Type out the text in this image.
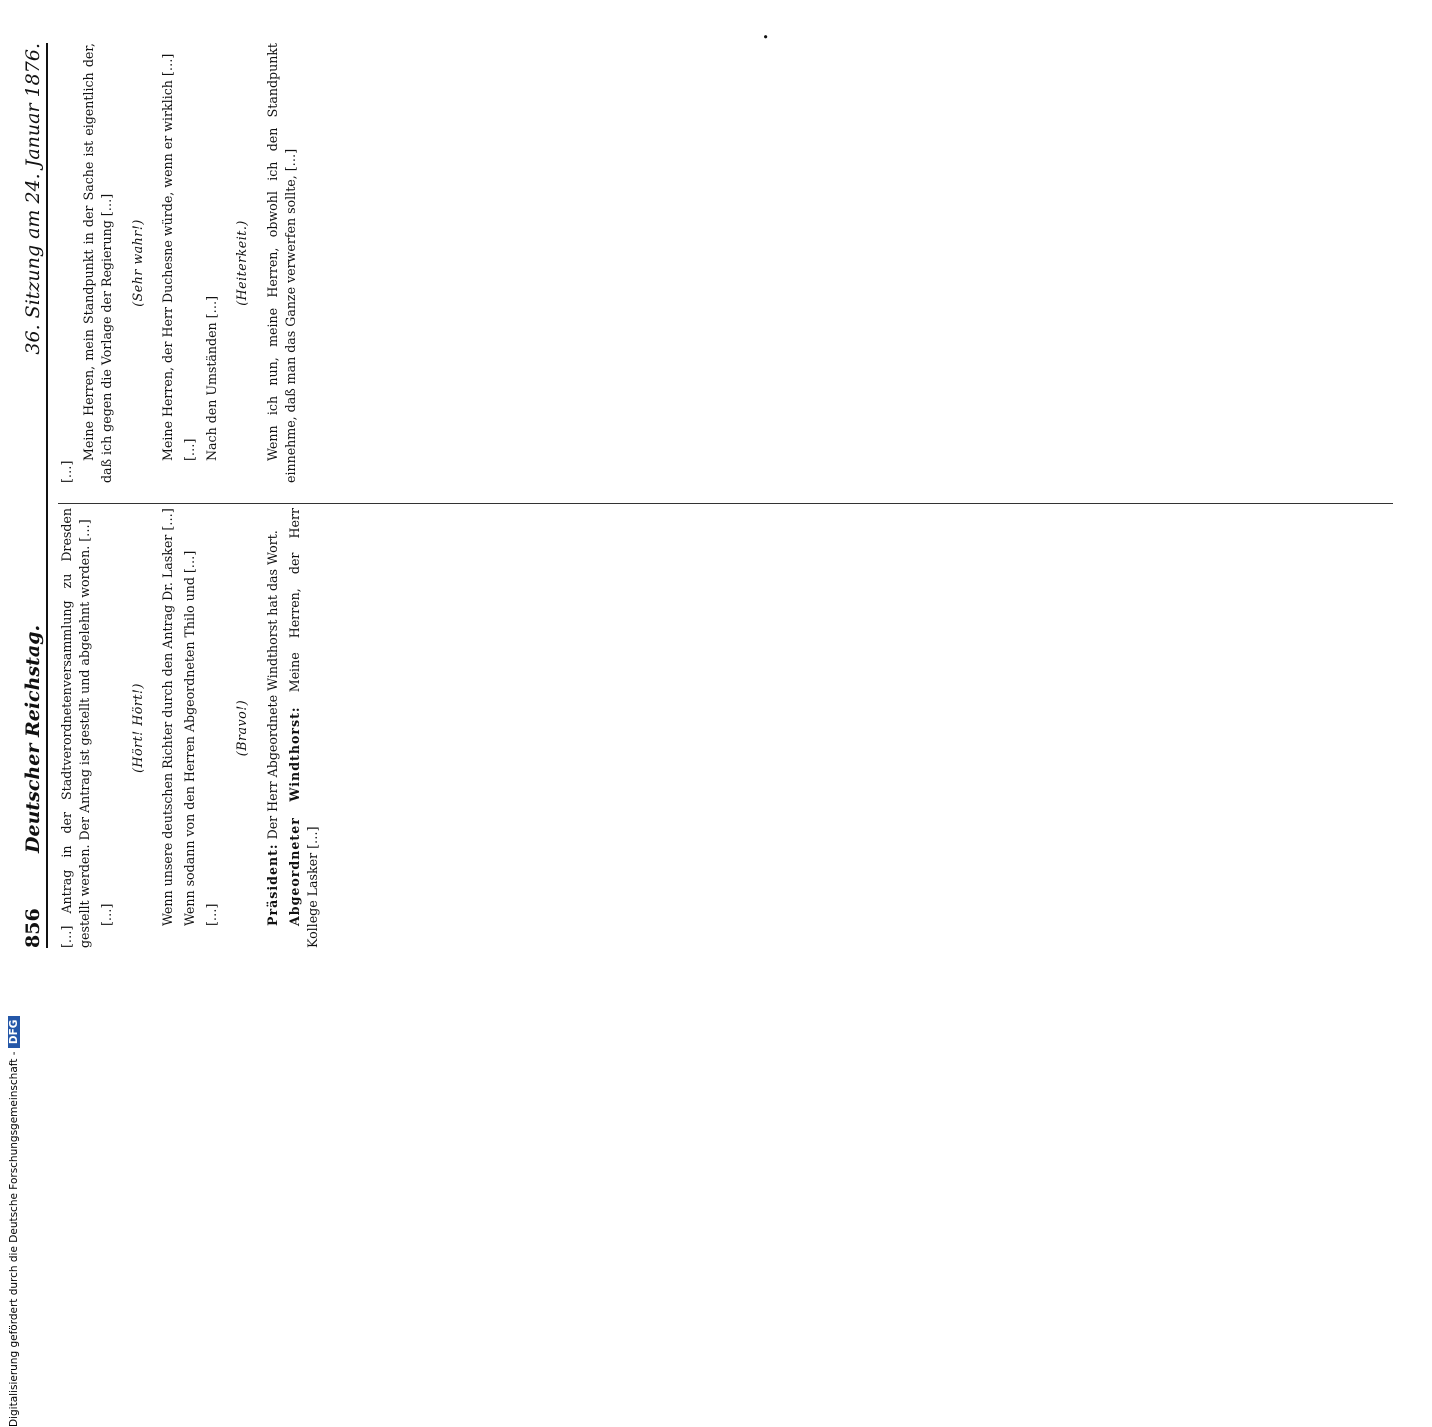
856
Deutscher Reichstag.
36. Sitzung am 24. Januar 1876.

[…] Antrag in der Stadtverordnetenversammlung zu Dresden gestellt werden. Der Antrag ist gestellt und abgelehnt worden. […] […]

(Hört! Hört!) Wenn unsere deutschen Richter durch den Antrag Dr. Lasker […] Wenn sodann von den Herren Abgeordneten Thilo und […] […]

(Bravo!)

Präsident: Der Herr Abgeordnete Windthorst hat das Wort. Abgeordneter Windthorst: Meine Herren, der Herr Kollege Lasker […]

[…]

Meine Herren, mein Standpunkt in der Sache ist eigentlich der, daß ich gegen die Vorlage der Regierung […] (Sehr wahr!) Meine Herren, der Herr Duchesne würde, wenn er wirklich […] […] Nach den Umständen […]

(Heiterkeit.) Wenn ich nun, meine Herren, obwohl ich den Standpunkt einnehme, daß man das Ganze verwerfen sollte, […]

•
Digitalisierung gefördert durch die Deutsche Forschungsgemeinschaft - DFG
